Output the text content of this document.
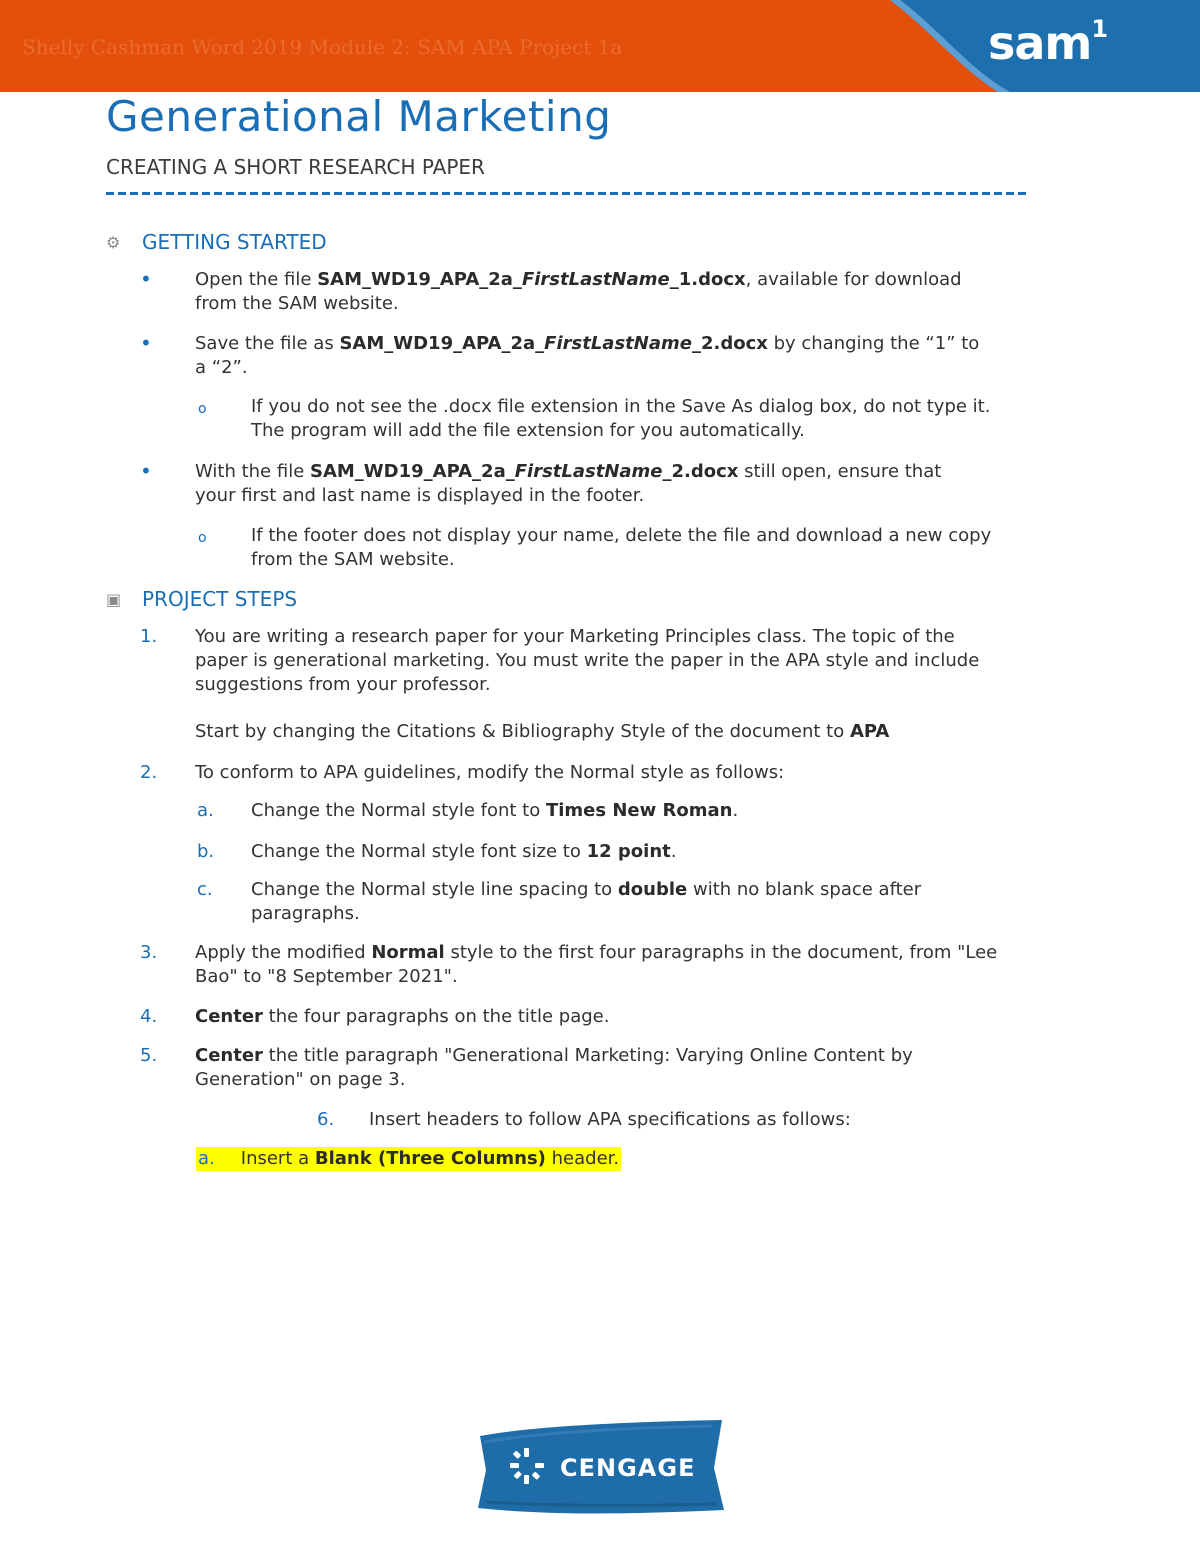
Shelly Cashman Word 2019 Module 2: SAM APA Project 1a	sam$^1$
Generational Marketing
CREATING A SHORT RESEARCH PAPER
⚙	GETTING STARTED
• Open the file SAM_WD19_APA_2a_FirstLastName_1.docx, available for download
from the SAM website.
• Save the file as SAM_WD19_APA_2a_FirstLastName_2.docx by changing the “1” to
a “2”.
o If you do not see the .docx file extension in the Save As dialog box, do not type it.
The program will add the file extension for you automatically.
• With the file SAM_WD19_APA_2a_FirstLastName_2.docx still open, ensure that
your first and last name is displayed in the footer.
o If the footer does not display your name, delete the file and download a new copy
from the SAM website.
▣	PROJECT STEPS
1. You are writing a research paper for your Marketing Principles class. The topic of the
paper is generational marketing. You must write the paper in the APA style and include
suggestions from your professor.
Start by changing the Citations & Bibliography Style of the document to APA
2. To conform to APA guidelines, modify the Normal style as follows:
a. Change the Normal style font to Times New Roman.
b. Change the Normal style font size to 12 point.
c. Change the Normal style line spacing to double with no blank space after
paragraphs.
3. Apply the modified Normal style to the first four paragraphs in the document, from "Lee
Bao" to "8 September 2021".
4. Center the four paragraphs on the title page.
5. Center the title paragraph "Generational Marketing: Varying Online Content by
Generation" on page 3.
6. Insert headers to follow APA specifications as follows:
a. Insert a Blank (Three Columns) header.
CENGAGE
